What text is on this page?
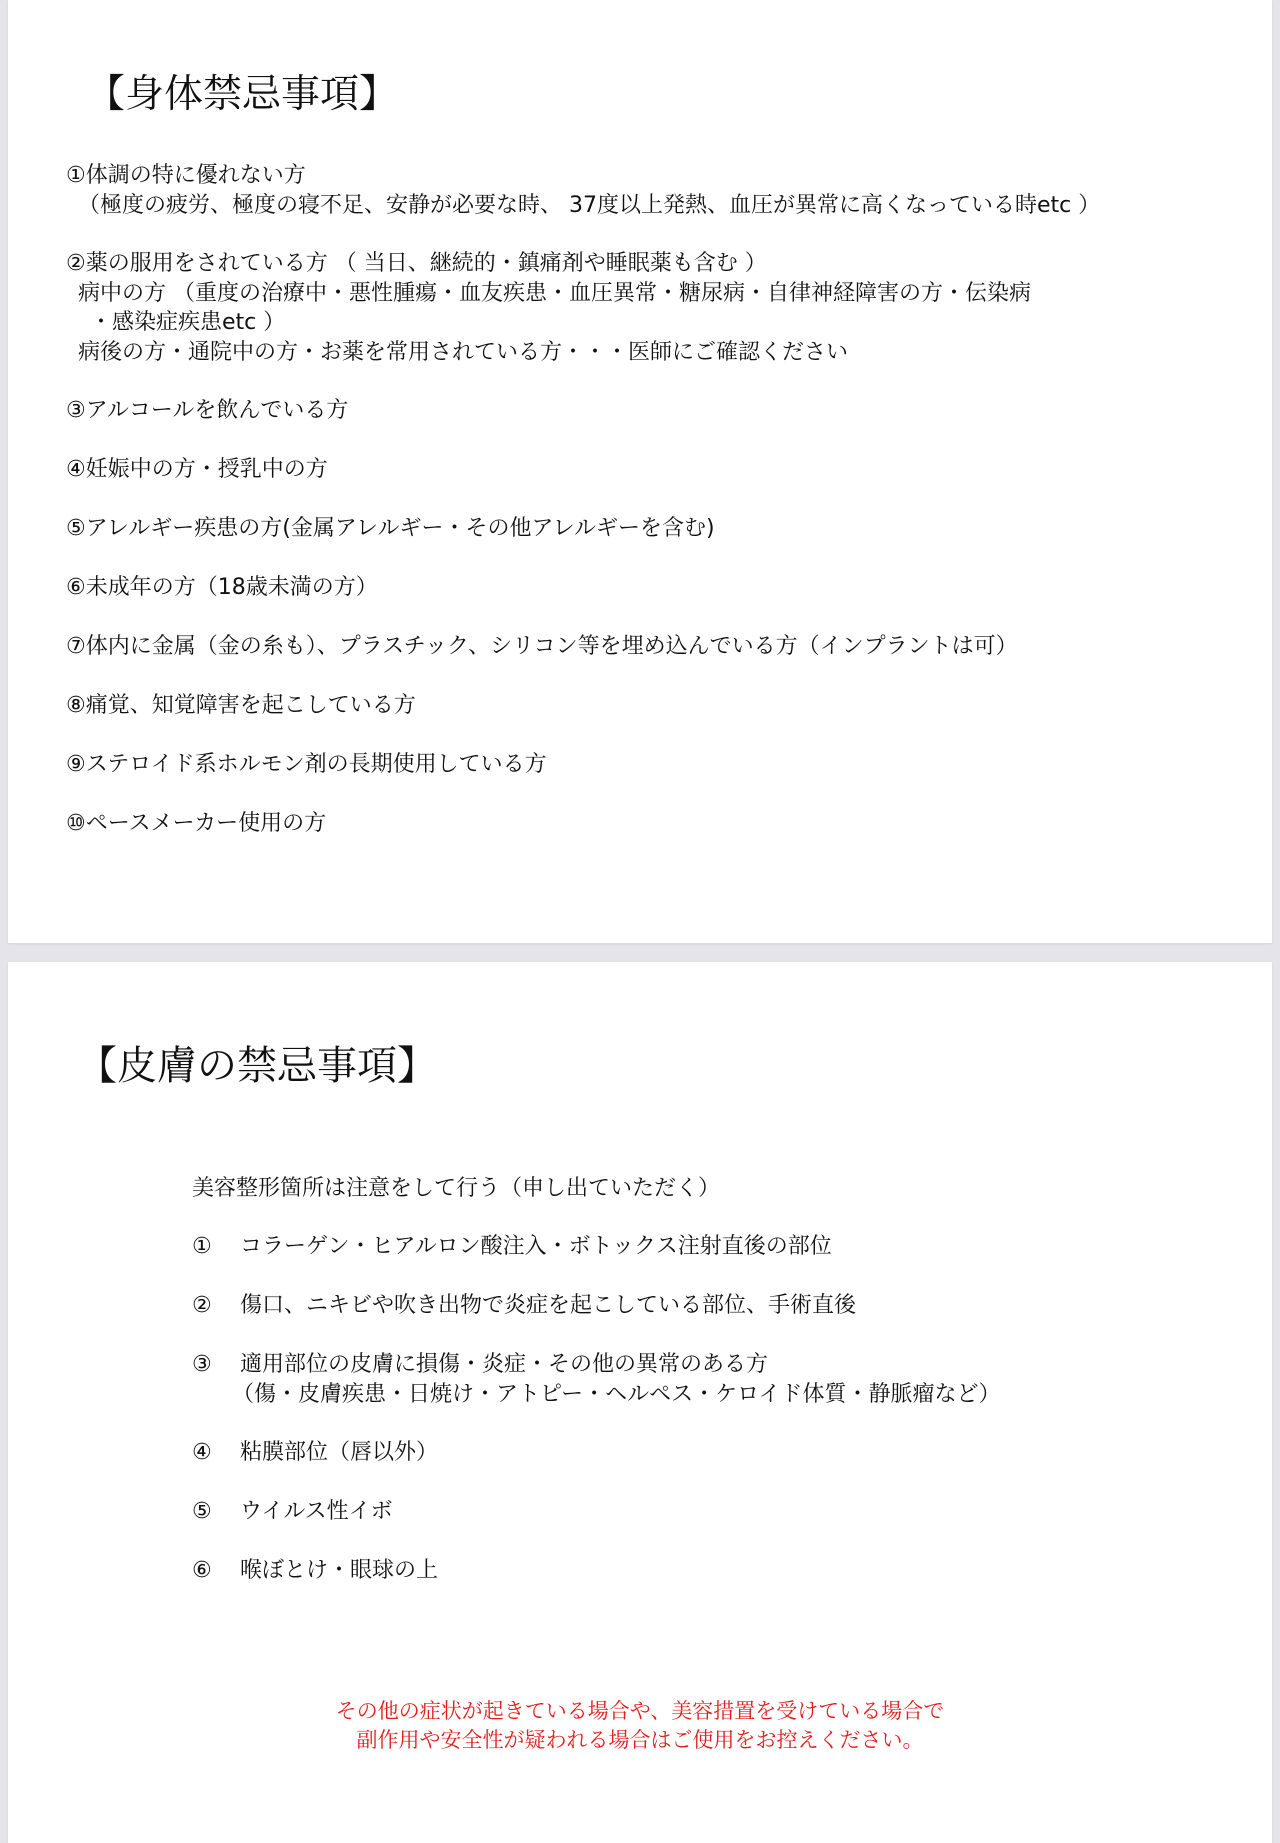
【身体禁忌事項】
①体調の特に優れない方
（極度の疲労、極度の寝不足、安静が必要な時、 37度以上発熱、血圧が異常に高くなっている時etc ）
②薬の服用をされている方 （ 当日、継続的・鎮痛剤や睡眠薬も含む ）
病中の方 （重度の治療中・悪性腫瘍・血友疾患・血圧異常・糖尿病・自律神経障害の方・伝染病
・感染症疾患etc ）
病後の方・通院中の方・お薬を常用されている方・・・医師にご確認ください
③アルコールを飲んでいる方
④妊娠中の方・授乳中の方
⑤アレルギー疾患の方(金属アレルギー・その他アレルギーを含む)
⑥未成年の方（18歳未満の方）
⑦体内に金属（金の糸も）、プラスチック、シリコン等を埋め込んでいる方（インプラントは可）
⑧痛覚、知覚障害を起こしている方
⑨ステロイド系ホルモン剤の長期使用している方
⑩ペースメーカー使用の方
【皮膚の禁忌事項】

美容整形箇所は注意をして行う（申し出ていただく）

① コラーゲン・ヒアルロン酸注入・ボトックス注射直後の部位
② 傷口、ニキビや吹き出物で炎症を起こしている部位、手術直後
③ 適用部位の皮膚に損傷・炎症・その他の異常のある方
（傷・皮膚疾患・日焼け・アトピー・ヘルペス・ケロイド体質・静脈瘤など）
④ 粘膜部位（唇以外）
⑤ ウイルス性イボ
⑥ 喉ぼとけ・眼球の上
その他の症状が起きている場合や、美容措置を受けている場合で
副作用や安全性が疑われる場合はご使用をお控えください。
